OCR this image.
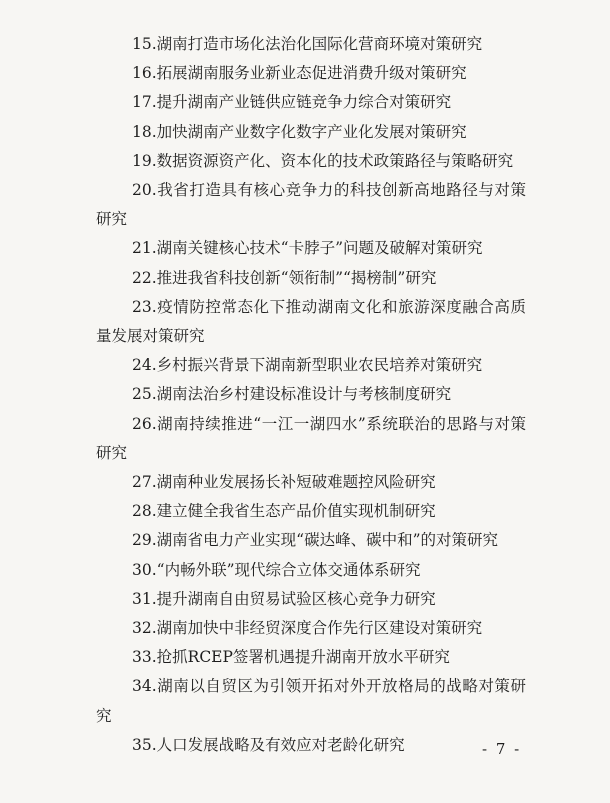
15.湖南打造市场化法治化国际化营商环境对策研究

16.拓展湖南服务业新业态促进消费升级对策研究

17.提升湖南产业链供应链竞争力综合对策研究

18.加快湖南产业数字化数字产业化发展对策研究

19.数据资源资产化、资本化的技术政策路径与策略研究

20.我省打造具有核心竞争力的科技创新高地路径与对策研究

21.湖南关键核心技术“卡脖子”问题及破解对策研究

22.推进我省科技创新“领衔制”“揭榜制”研究

23.疫情防控常态化下推动湖南文化和旅游深度融合高质量发展对策研究

24.乡村振兴背景下湖南新型职业农民培养对策研究

25.湖南法治乡村建设标准设计与考核制度研究

26.湖南持续推进“一江一湖四水”系统联治的思路与对策研究

27.湖南种业发展扬长补短破难题控风险研究

28.建立健全我省生态产品价值实现机制研究

29.湖南省电力产业实现“碳达峰、碳中和”的对策研究

30.“内畅外联”现代综合立体交通体系研究

31.提升湖南自由贸易试验区核心竞争力研究

32.湖南加快中非经贸深度合作先行区建设对策研究

33.抢抓RCEP签署机遇提升湖南开放水平研究

34.湖南以自贸区为引领开拓对外开放格局的战略对策研究

35.人口发展战略及有效应对老龄化研究	- 7 -
